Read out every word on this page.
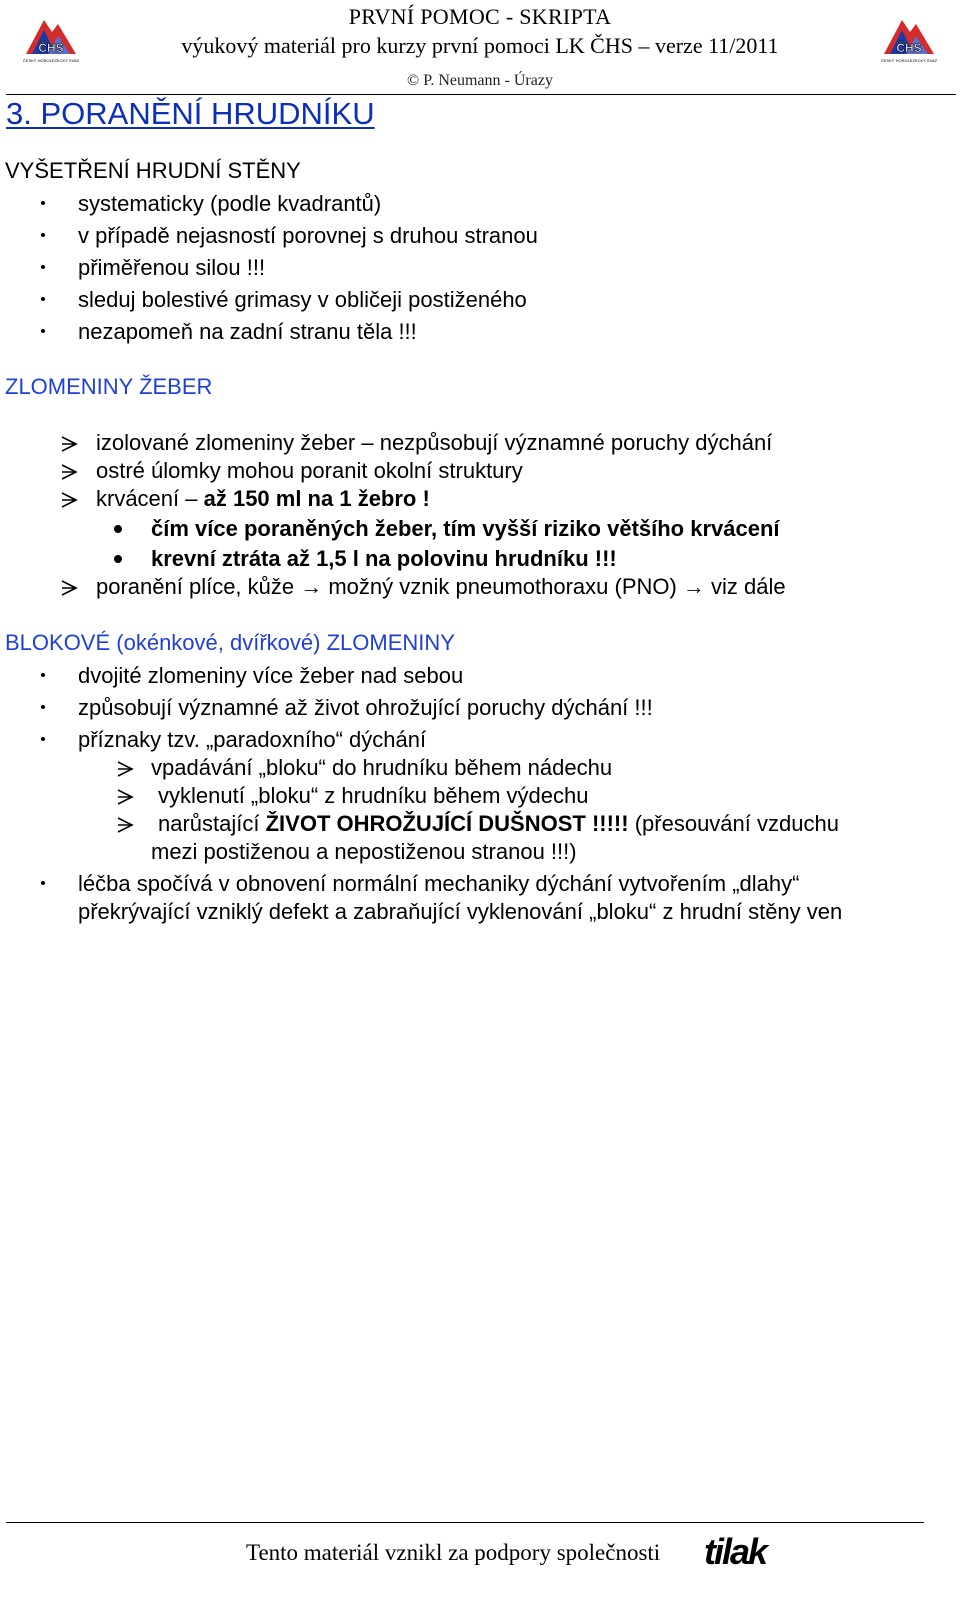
ČHS
ČESKÝ HOROLEZECKÝ SVAZ
ČHS
ČESKÝ HOROLEZECKÝ SVAZ
PRVNÍ POMOC - SKRIPTA
výukový materiál pro kurzy první pomoci LK ČHS – verze 11/2011
© P. Neumann - Úrazy
3. PORANĚNÍ HRUDNÍKU
VYŠETŘENÍ HRUDNÍ STĚNY
systematicky (podle kvadrantů)
v případě nejasností porovnej s druhou stranou
přiměřenou silou !!!
sleduj bolestivé grimasy v obličeji postiženého
nezapomeň na zadní stranu těla !!!
ZLOMENINY ŽEBER
izolované zlomeniny žeber – nezpůsobují významné poruchy dýchání
ostré úlomky mohou poranit okolní struktury
krvácení – až 150 ml na 1 žebro !
čím více poraněných žeber, tím vyšší riziko většího krvácení
krevní ztráta až 1,5 l na polovinu hrudníku !!!
poranění plíce, kůže → možný vznik pneumothoraxu (PNO) → viz dále
BLOKOVÉ (okénkové, dvířkové) ZLOMENINY
dvojité zlomeniny více žeber nad sebou
způsobují významné až život ohrožující poruchy dýchání !!!
příznaky tzv. „paradoxního“ dýchání
vpadávání „bloku“ do hrudníku během nádechu
vyklenutí „bloku“ z hrudníku během výdechu
narůstající ŽIVOT OHROŽUJÍCÍ DUŠNOST !!!!! (přesouvání vzduchu
mezi postiženou a nepostiženou stranou !!!)
léčba spočívá v obnovení normální mechaniky dýchání vytvořením „dlahy“
překrývající vzniklý defekt a zabraňující vyklenování „bloku“ z hrudní stěny ven
Tento materiál vznikl za podpory společnosti tilak
